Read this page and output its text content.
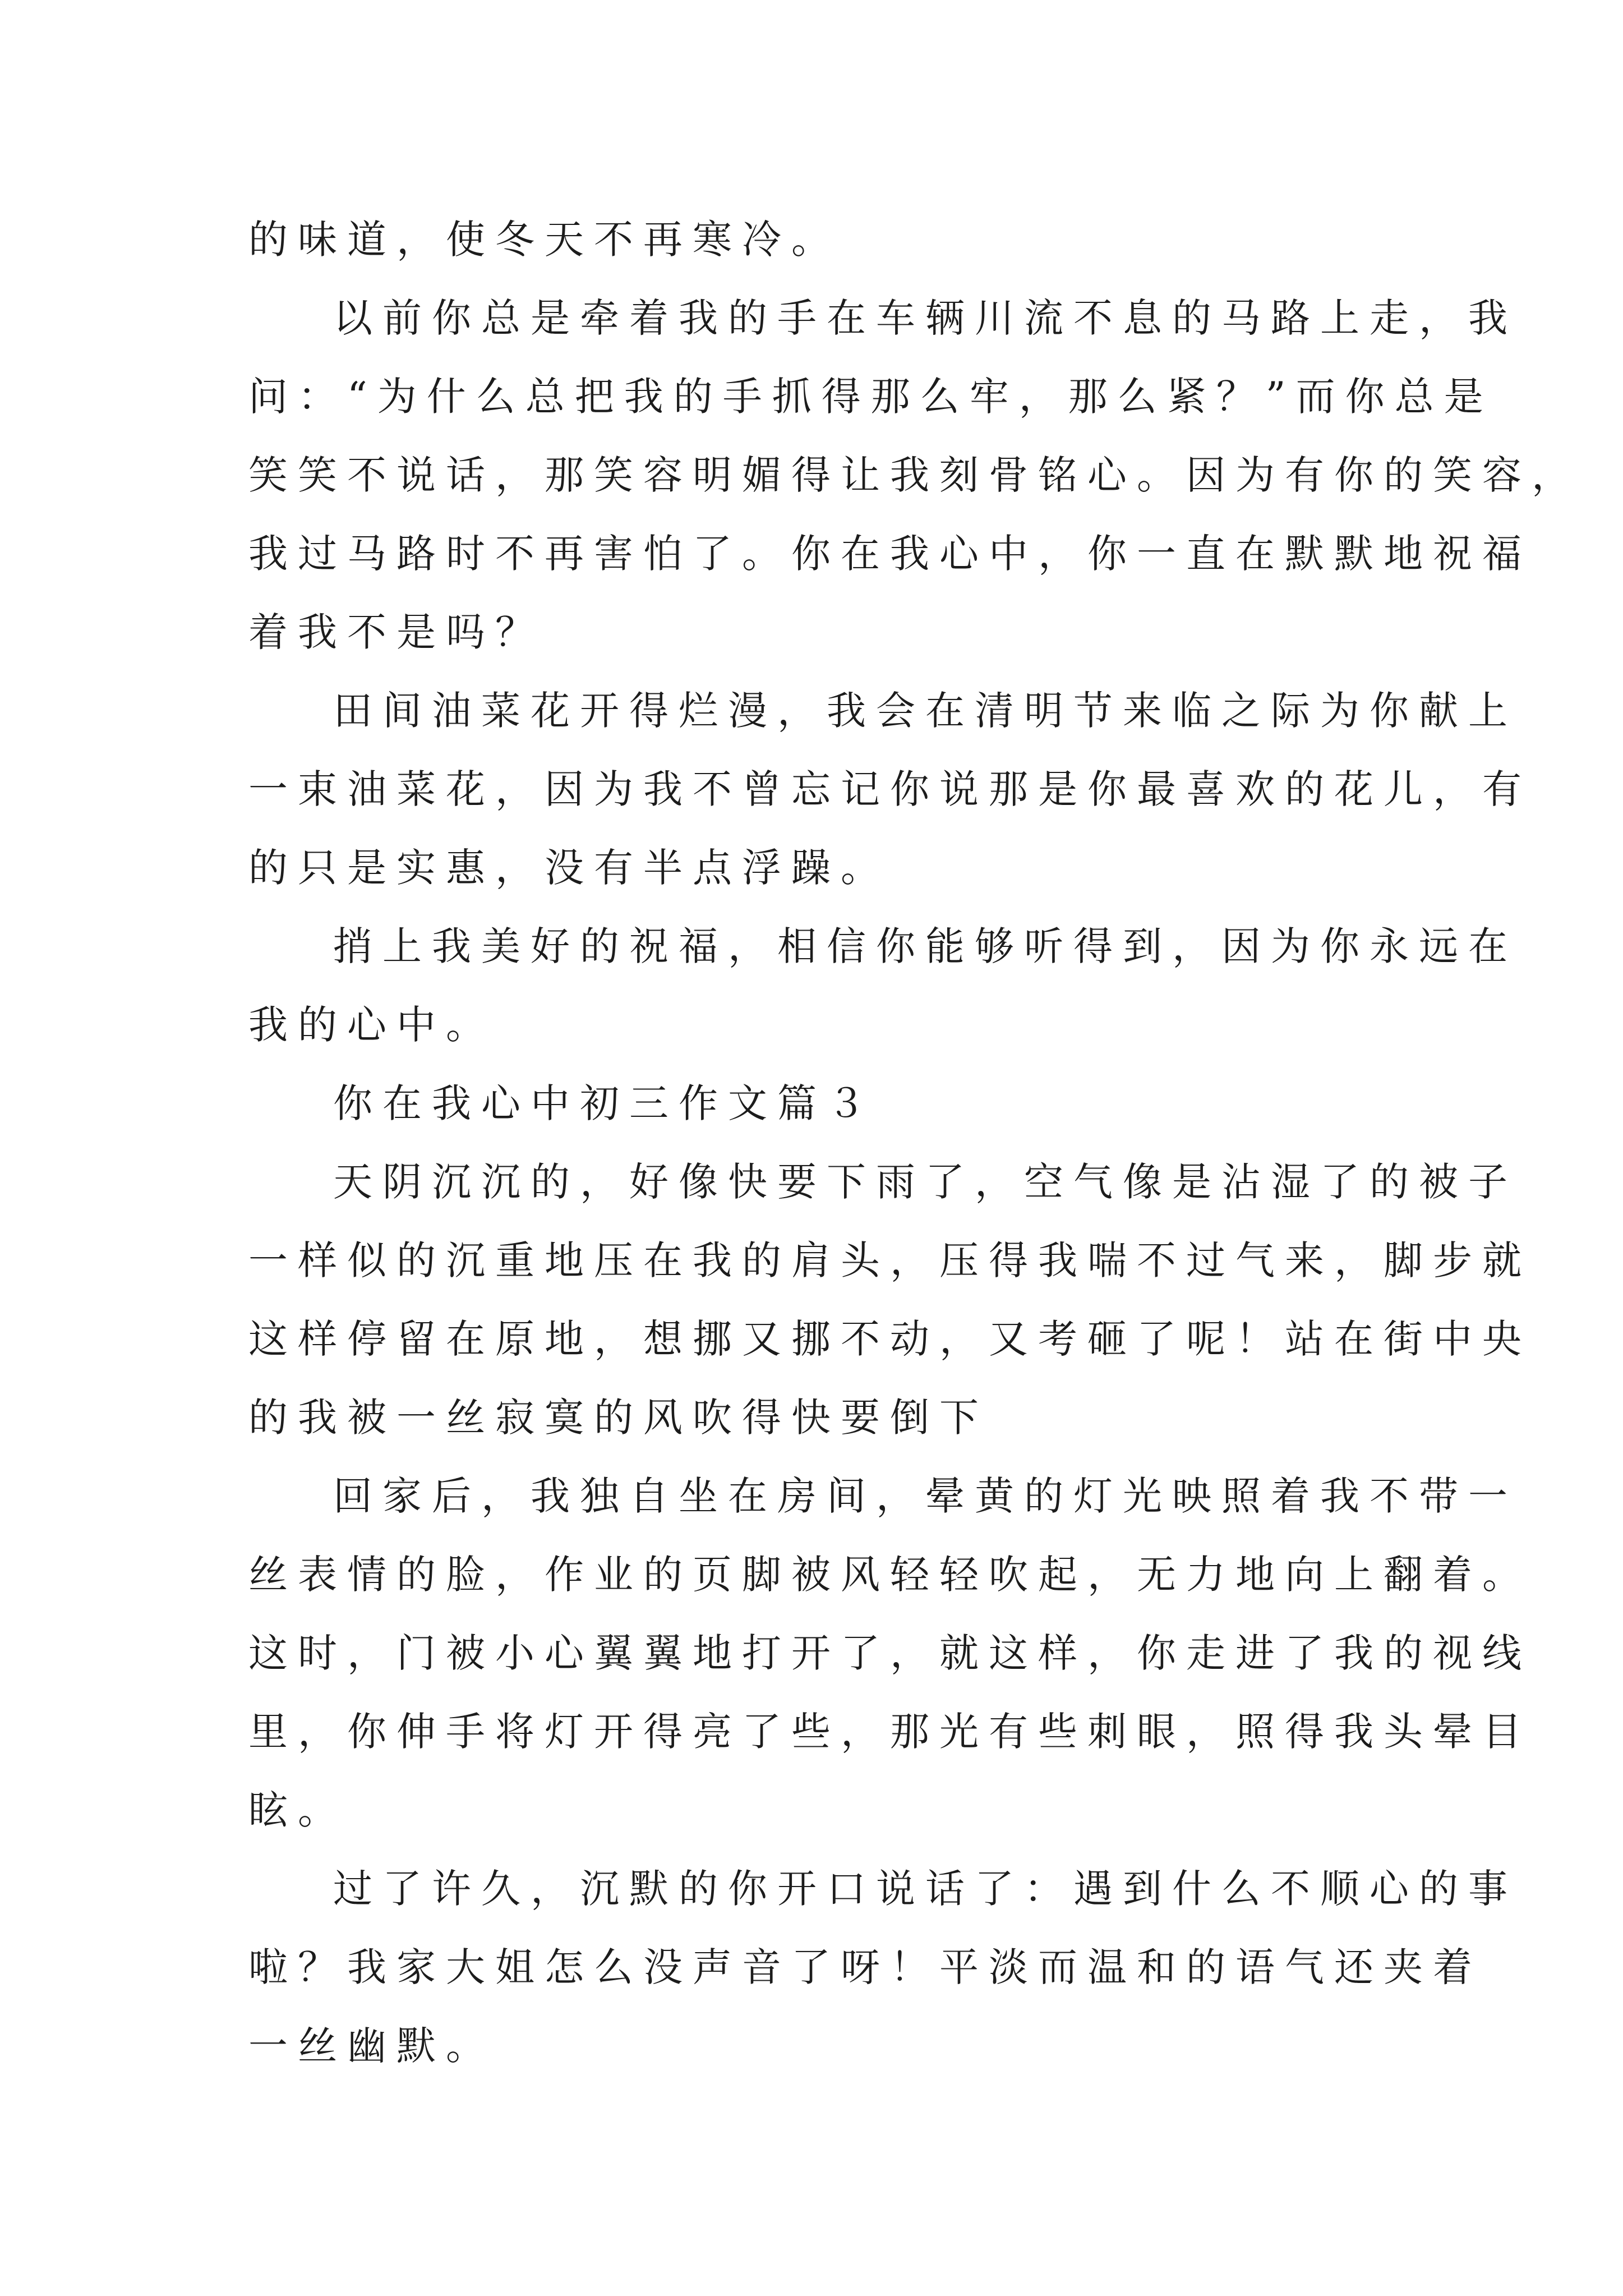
的味道，使冬天不再寒冷。
以前你总是牵着我的手在车辆川流不息的马路上走，我
问：“为什么总把我的手抓得那么牢，那么紧？”而你总是
笑笑不说话，那笑容明媚得让我刻骨铭心。因为有你的笑容，
我过马路时不再害怕了。你在我心中，你一直在默默地祝福
着我不是吗？
田间油菜花开得烂漫，我会在清明节来临之际为你献上
一束油菜花，因为我不曾忘记你说那是你最喜欢的花儿，有
的只是实惠，没有半点浮躁。
捎上我美好的祝福，相信你能够听得到，因为你永远在
我的心中。
你在我心中初三作文篇３
天阴沉沉的，好像快要下雨了，空气像是沾湿了的被子
一样似的沉重地压在我的肩头，压得我喘不过气来，脚步就
这样停留在原地，想挪又挪不动，又考砸了呢！站在街中央
的我被一丝寂寞的风吹得快要倒下
回家后，我独自坐在房间，晕黄的灯光映照着我不带一
丝表情的脸，作业的页脚被风轻轻吹起，无力地向上翻着。
这时，门被小心翼翼地打开了，就这样，你走进了我的视线
里，你伸手将灯开得亮了些，那光有些刺眼，照得我头晕目
眩。
过了许久，沉默的你开口说话了：遇到什么不顺心的事
啦？我家大姐怎么没声音了呀！平淡而温和的语气还夹着
一丝幽默。
